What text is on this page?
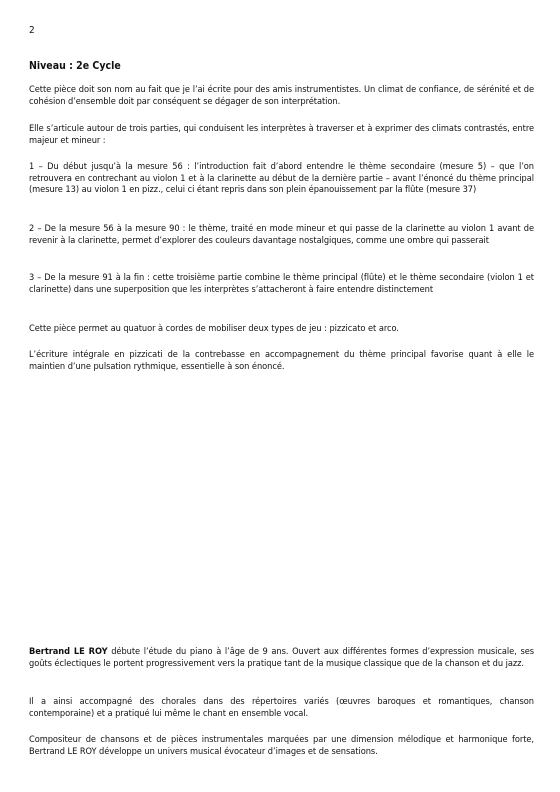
2
Niveau : 2e Cycle

Cette pièce doit son nom au fait que je l’ai écrite pour des amis instrumentistes. Un climat de confiance, de sérénité et de cohésion d’ensemble doit par conséquent se dégager de son interprétation.

Elle s’articule autour de trois parties, qui conduisent les interprètes à traverser et à exprimer des climats contrastés, entre majeur et mineur :

1 – Du début jusqu’à la mesure 56 : l’introduction fait d’abord entendre le thème secondaire (mesure 5) – que l’on retrouvera en contrechant au violon 1 et à la clarinette au début de la dernière partie – avant l’énoncé du thème principal (mesure 13) au violon 1 en pizz., celui ci étant repris dans son plein épanouissement par la flûte (mesure 37)

2 – De la mesure 56 à la mesure 90 : le thème, traité en mode mineur et qui passe de la clarinette au violon 1 avant de revenir à la clarinette, permet d’explorer des couleurs davantage nostalgiques, comme une ombre qui passerait

3 – De la mesure 91 à la fin : cette troisième partie combine le thème principal (flûte) et le thème secondaire (violon 1 et clarinette) dans une superposition que les interprètes s’attacheront à faire entendre distinctement

Cette pièce permet au quatuor à cordes de mobiliser deux types de jeu : pizzicato et arco.

L’écriture intégrale en pizzicati de la contrebasse en accompagnement du thème principal favorise quant à elle le maintien d’une pulsation rythmique, essentielle à son énoncé.

Bertrand LE ROY débute l’étude du piano à l’âge de 9 ans. Ouvert aux différentes formes d’expression musicale, ses goûts éclectiques le portent progressivement vers la pratique tant de la musique classique que de la chanson et du jazz.

Il a ainsi accompagné des chorales dans des répertoires variés (œuvres baroques et romantiques, chanson contemporaine) et a pratiqué lui même le chant en ensemble vocal.

Compositeur de chansons et de pièces instrumentales marquées par une dimension mélodique et harmonique forte, Bertrand LE ROY développe un univers musical évocateur d’images et de sensations.
